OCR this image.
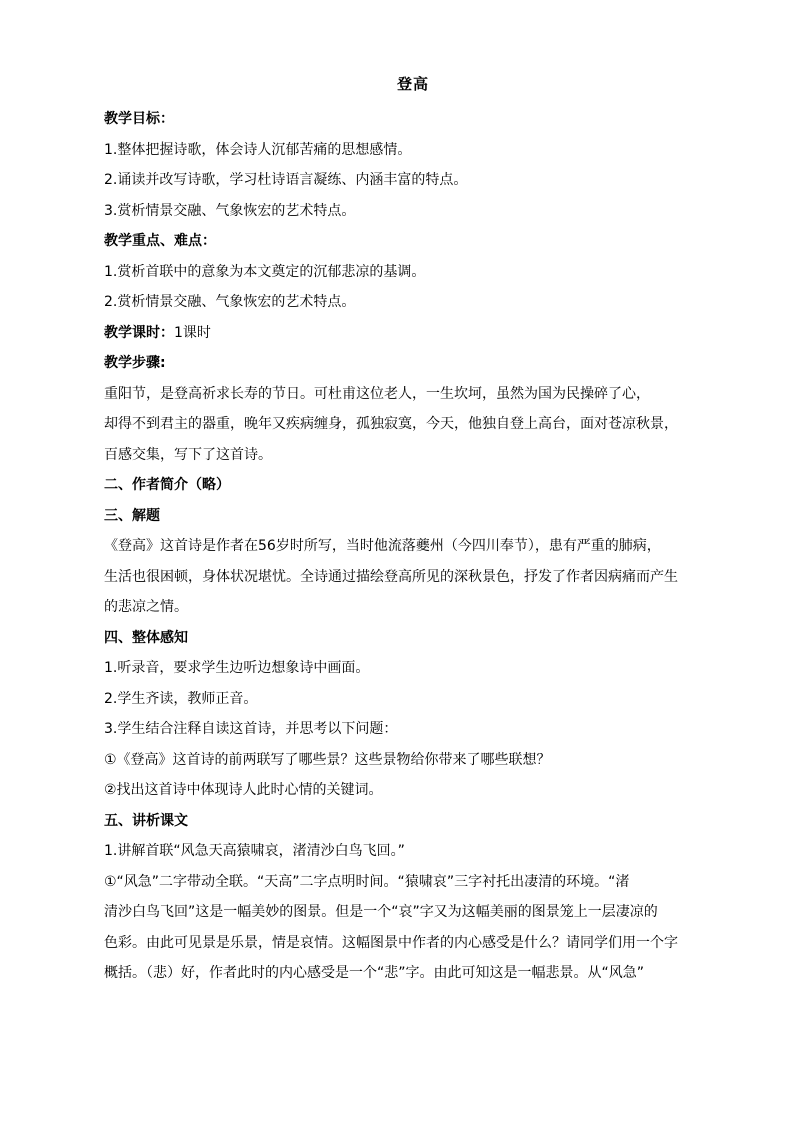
登高
教学目标：
1.整体把握诗歌，体会诗人沉郁苦痛的思想感情。
2.诵读并改写诗歌，学习杜诗语言凝练、内涵丰富的特点。
3.赏析情景交融、气象恢宏的艺术特点。
教学重点、难点：
1.赏析首联中的意象为本文奠定的沉郁悲凉的基调。
2.赏析情景交融、气象恢宏的艺术特点。
教学课时：1课时
教学步骤:
重阳节，是登高祈求长寿的节日。可杜甫这位老人，一生坎坷，虽然为国为民操碎了心，
却得不到君主的器重，晚年又疾病缠身，孤独寂寞，今天，他独自登上高台，面对苍凉秋景，
百感交集，写下了这首诗。
二、作者简介（略）
三、解题
《登高》这首诗是作者在56岁时所写，当时他流落夔州（今四川奉节），患有严重的肺病，
生活也很困顿，身体状况堪忧。全诗通过描绘登高所见的深秋景色，抒发了作者因病痛而产生
的悲凉之情。
四、整体感知
1.听录音，要求学生边听边想象诗中画面。
2.学生齐读，教师正音。
3.学生结合注释自读这首诗，并思考以下问题：
①《登高》这首诗的前两联写了哪些景？这些景物给你带来了哪些联想？
②找出这首诗中体现诗人此时心情的关键词。
五、讲析课文
1.讲解首联“风急天高猿啸哀，渚清沙白鸟飞回。”
①“风急”二字带动全联。“天高”二字点明时间。“猿啸哀”三字衬托出凄清的环境。“渚
清沙白鸟飞回”这是一幅美妙的图景。但是一个“哀”字又为这幅美丽的图景笼上一层凄凉的
色彩。由此可见景是乐景，情是哀情。这幅图景中作者的内心感受是什么？请同学们用一个字
概括。（悲）好，作者此时的内心感受是一个“悲”字。由此可知这是一幅悲景。从“风急”
